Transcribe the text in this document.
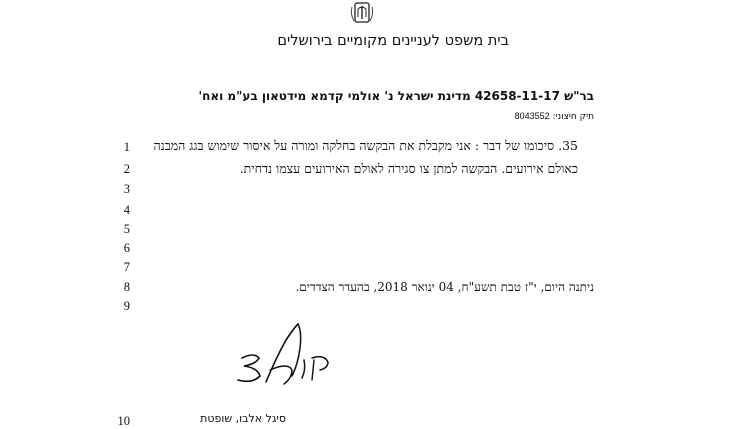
בית משפט לעניינים מקומיים בירושלים
בר"ש 42658-11-17 מדינת ישראל נ' אולמי קדמא מידטאון בע"מ ואח'
תיק חיצוני: 8043552
35. סיכומו של דבר : אני מקבלת את הבקשה בחלקה ומורה על איסור שימוש בגג המבנה
כאולם אירועים. הבקשה למתן צו סגירה לאולם האירועים עצמו נדחית.
ניתנה היום, י"ז טבת תשע"ח, 04 ינואר 2018, בהעדר הצדדים.
1
2
3
4
5
6
7
8
9
10	סיגל אלבו, שופטת
